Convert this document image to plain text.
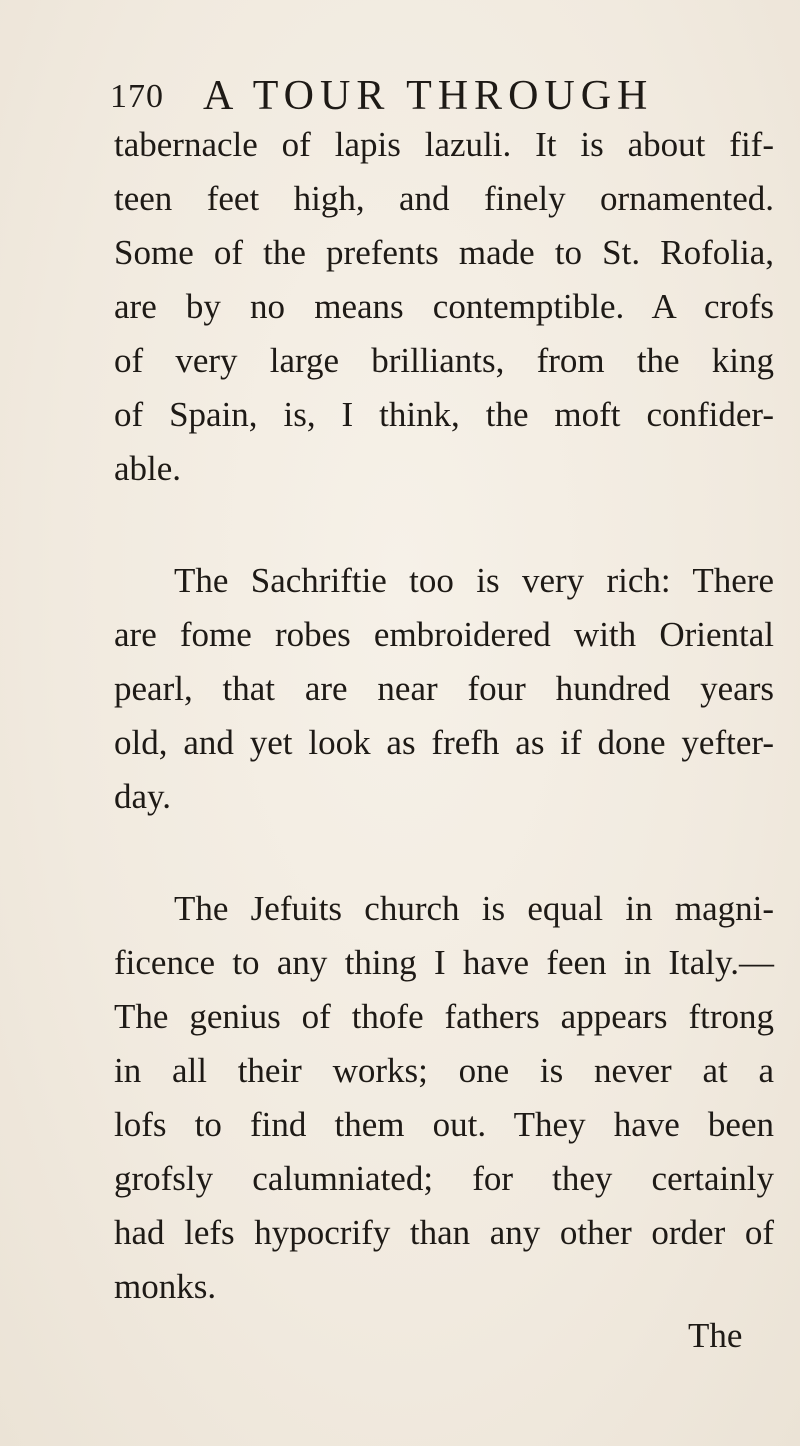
170 A TOUR THROUGH

tabernacle of lapis lazuli. It is about fif-
teen feet high, and finely ornamented.
Some of the prefents made to St. Rofolia,
are by no means contemptible. A crofs
of very large brilliants, from the king
of Spain, is, I think, the moft confider-
able.

The Sachriftie too is very rich: There
are fome robes embroidered with Oriental
pearl, that are near four hundred years
old, and yet look as frefh as if done yefter-
day.

The Jefuits church is equal in magni-
ficence to any thing I have feen in Italy.—
The genius of thofe fathers appears ftrong
in all their works; one is never at a
lofs to find them out. They have been
grofsly calumniated; for they certainly
had lefs hypocrify than any other order of
monks.

The
